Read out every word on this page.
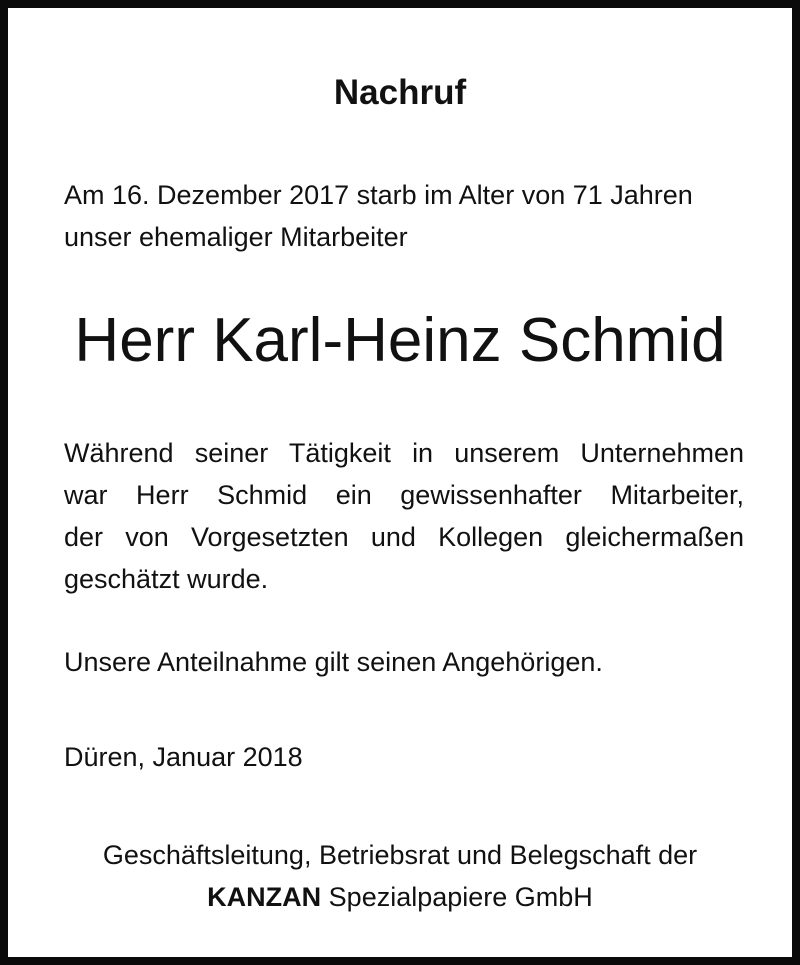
Nachruf
Am 16. Dezember 2017 starb im Alter von 71 Jahren
unser ehemaliger Mitarbeiter
Herr Karl-Heinz Schmid
Während seiner Tätigkeit in unserem Unternehmen
war Herr Schmid ein gewissenhafter Mitarbeiter,
der von Vorgesetzten und Kollegen gleichermaßen
geschätzt wurde.
Unsere Anteilnahme gilt seinen Angehörigen.
Düren, Januar 2018
Geschäftsleitung, Betriebsrat und Belegschaft der
KANZAN Spezialpapiere GmbH
